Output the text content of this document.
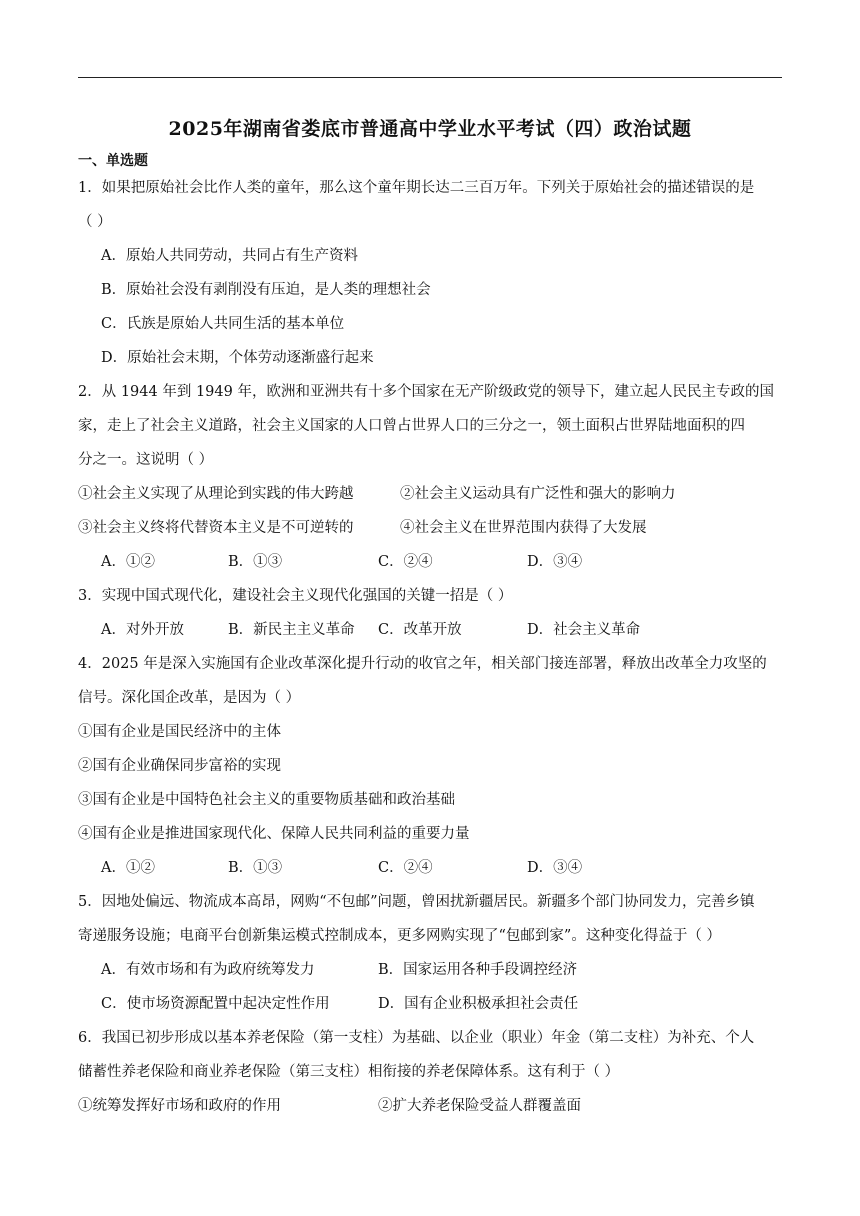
2025年湖南省娄底市普通高中学业水平考试（四）政治试题
一、单选题
1．如果把原始社会比作人类的童年，那么这个童年期长达二三百万年。下列关于原始社会的描述错误的是
（ ）
A．原始人共同劳动，共同占有生产资料
B．原始社会没有剥削没有压迫，是人类的理想社会
C．氏族是原始人共同生活的基本单位
D．原始社会末期，个体劳动逐渐盛行起来
2．从 1944 年到 1949 年，欧洲和亚洲共有十多个国家在无产阶级政党的领导下，建立起人民民主专政的国
家，走上了社会主义道路，社会主义国家的人口曾占世界人口的三分之一，领土面积占世界陆地面积的四
分之一。这说明（ ）
①社会主义实现了从理论到实践的伟大跨越	②社会主义运动具有广泛性和强大的影响力
③社会主义终将代替资本主义是不可逆转的	④社会主义在世界范围内获得了大发展
A．①②	B．①③	C．②④	D．③④
3．实现中国式现代化，建设社会主义现代化强国的关键一招是（ ）
A．对外开放	B．新民主主义革命 C．改革开放	D．社会主义革命
4．2025 年是深入实施国有企业改革深化提升行动的收官之年，相关部门接连部署，释放出改革全力攻坚的
信号。深化国企改革，是因为（ ）
①国有企业是国民经济中的主体
②国有企业确保同步富裕的实现
③国有企业是中国特色社会主义的重要物质基础和政治基础
④国有企业是推进国家现代化、保障人民共同利益的重要力量
A．①②	B．①③	C．②④	D．③④
5．因地处偏远、物流成本高昂，网购“不包邮”问题，曾困扰新疆居民。新疆多个部门协同发力，完善乡镇
寄递服务设施；电商平台创新集运模式控制成本，更多网购实现了“包邮到家”。这种变化得益于（ ）
A．有效市场和有为政府统筹发力	B．国家运用各种手段调控经济
C．使市场资源配置中起决定性作用	D．国有企业积极承担社会责任
6．我国已初步形成以基本养老保险（第一支柱）为基础、以企业（职业）年金（第二支柱）为补充、个人
储蓄性养老保险和商业养老保险（第三支柱）相衔接的养老保障体系。这有利于（ ）
①统筹发挥好市场和政府的作用	②扩大养老保险受益人群覆盖面
